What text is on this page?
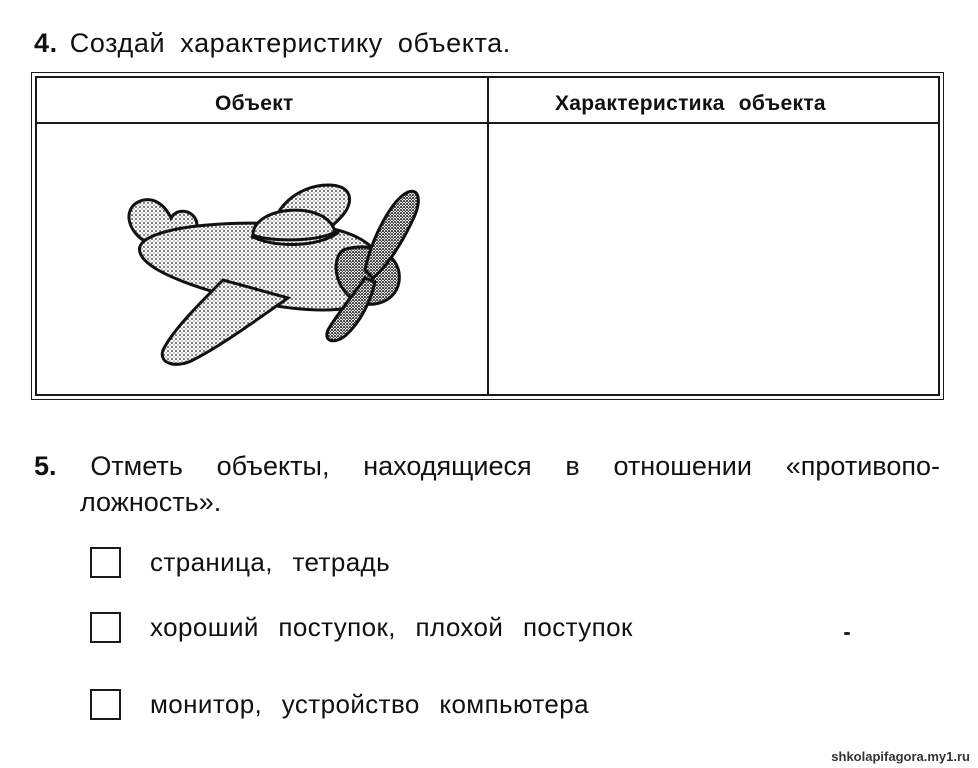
4. Создай характеристику объекта.
Объект	Характеристика объекта
5. Отметь объекты, находящиеся в отношении «противопо-
ложность».
страница, тетрадь
хороший поступок, плохой поступок
монитор, устройство компьютера
shkolapifagora.my1.ru
